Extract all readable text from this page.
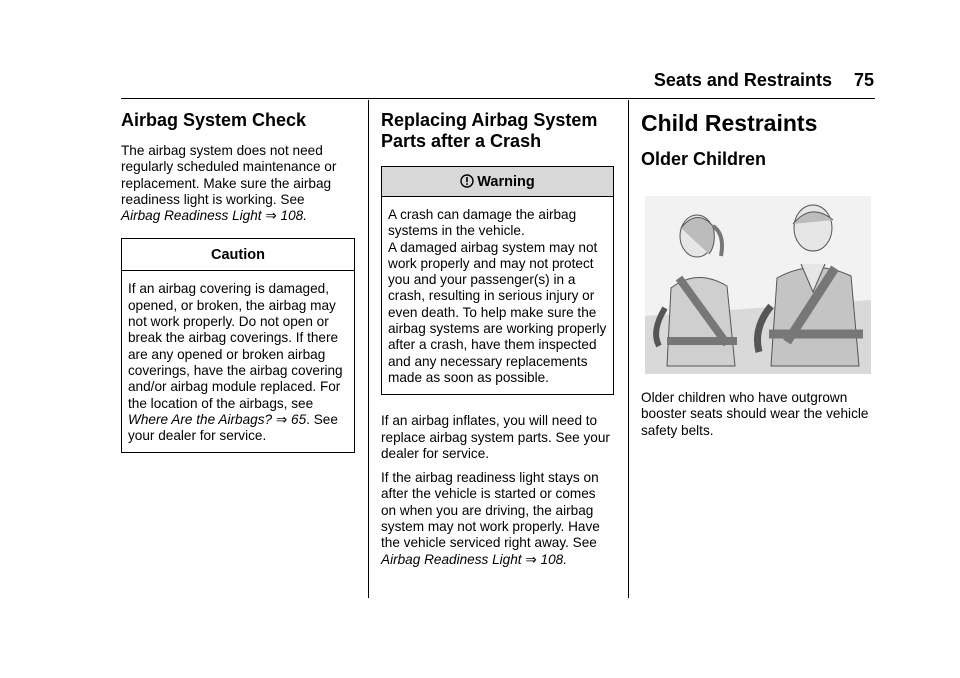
Seats and Restraints 75
Airbag System Check

The airbag system does not need regularly scheduled maintenance or replacement. Make sure the airbag readiness light is working. See
Airbag Readiness Light ⇒ 108.

Caution

If an airbag covering is damaged, opened, or broken, the airbag may not work properly. Do not open or break the airbag coverings. If there are any opened or broken airbag coverings, have the airbag covering and/or airbag module replaced. For the location of the airbags, see Where Are the Airbags? ⇒ 65. See your dealer for service.

Replacing Airbag System Parts after a Crash
Warning

A crash can damage the airbag systems in the vehicle.

A damaged airbag system may not work properly and may not protect you and your passenger(s) in a crash, resulting in serious injury or even death. To help make sure the airbag systems are working properly after a crash, have them inspected and any necessary replacements made as soon as possible.

If an airbag inflates, you will need to replace airbag system parts. See your dealer for service.

If the airbag readiness light stays on after the vehicle is started or comes on when you are driving, the airbag system may not work properly. Have the vehicle serviced right away. See Airbag Readiness Light ⇒ 108.

Child Restraints
Older Children

Older children who have outgrown booster seats should wear the vehicle safety belts.
